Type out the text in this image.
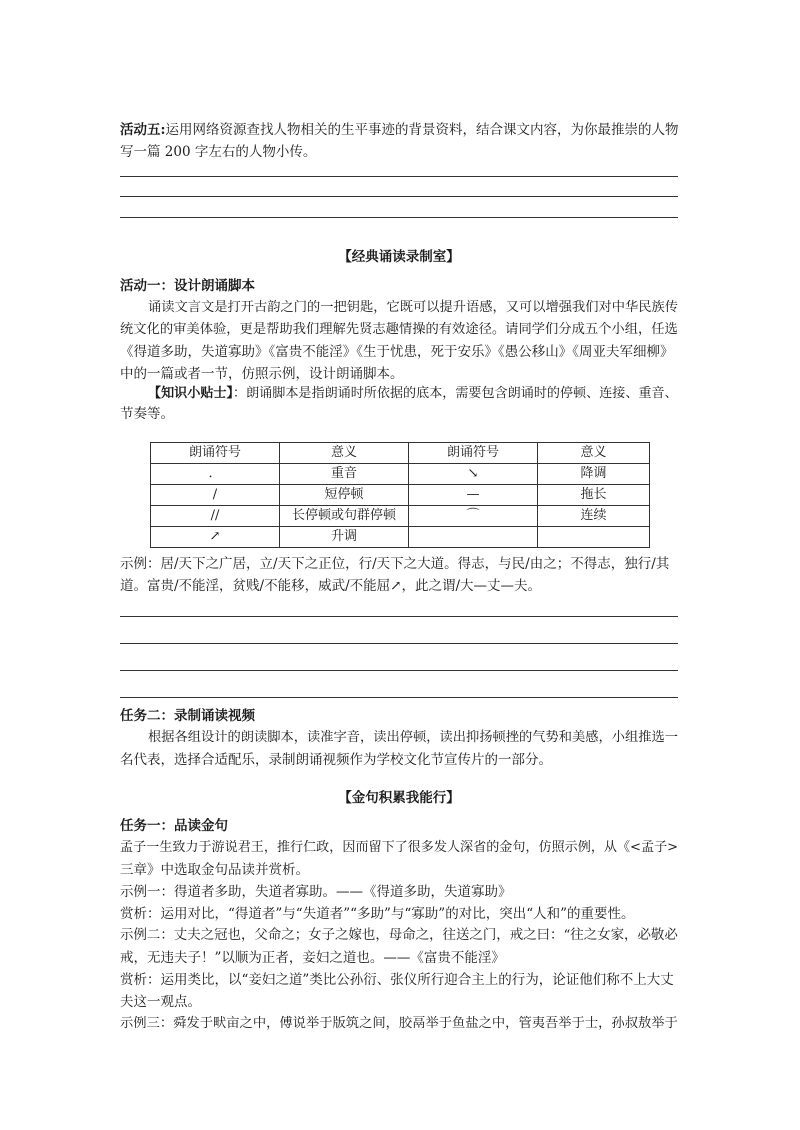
活动五:运用网络资源查找人物相关的生平事迹的背景资料，结合课文内容，为你最推崇的人物
写一篇 200 字左右的人物小传。
【经典诵读录制室】
活动一：设计朗诵脚本
诵读文言文是打开古韵之门的一把钥匙，它既可以提升语感，又可以增强我们对中华民族传
统文化的审美体验，更是帮助我们理解先贤志趣情操的有效途径。请同学们分成五个小组，任选
《得道多助，失道寡助》《富贵不能淫》《生于忧患，死于安乐》《愚公移山》《周亚夫军细柳》
中的一篇或者一节，仿照示例，设计朗诵脚本。
【知识小贴士】：朗诵脚本是指朗诵时所依据的底本，需要包含朗诵时的停顿、连接、重音、
节奏等。
朗诵符号	意义	朗诵符号	意义
．	重音	↘	降调
/	短停顿	—	拖长
//	长停顿或句群停顿	⌒	连续
↗	升调		
示例：居/天下之广居，立/天下之正位，行/天下之大道。得志，与民/由之；不得志，独行/其
道。富贵/不能淫，贫贱/不能移，威武/不能屈↗，此之谓/大—丈—夫。
任务二：录制诵读视频
根据各组设计的朗读脚本，读准字音，读出停顿，读出抑扬顿挫的气势和美感，小组推选一
名代表，选择合适配乐，录制朗诵视频作为学校文化节宣传片的一部分。
【金句积累我能行】
任务一：品读金句
孟子一生致力于游说君王，推行仁政，因而留下了很多发人深省的金句，仿照示例，从《<孟子>
三章》中选取金句品读并赏析。
示例一：得道者多助，失道者寡助。——《得道多助，失道寡助》
赏析：运用对比，“得道者”与“失道者”“多助”与“寡助”的对比，突出“人和”的重要性。
示例二：丈夫之冠也，父命之；女子之嫁也，母命之，往送之门，戒之曰：“往之女家，必敬必
戒，无违夫子！”以顺为正者，妾妇之道也。——《富贵不能淫》
赏析：运用类比，以“妾妇之道”类比公孙衍、张仪所行迎合主上的行为，论证他们称不上大丈
夫这一观点。
示例三：舜发于畎亩之中，傅说举于版筑之间，胶鬲举于鱼盐之中，管夷吾举于士，孙叔敖举于
